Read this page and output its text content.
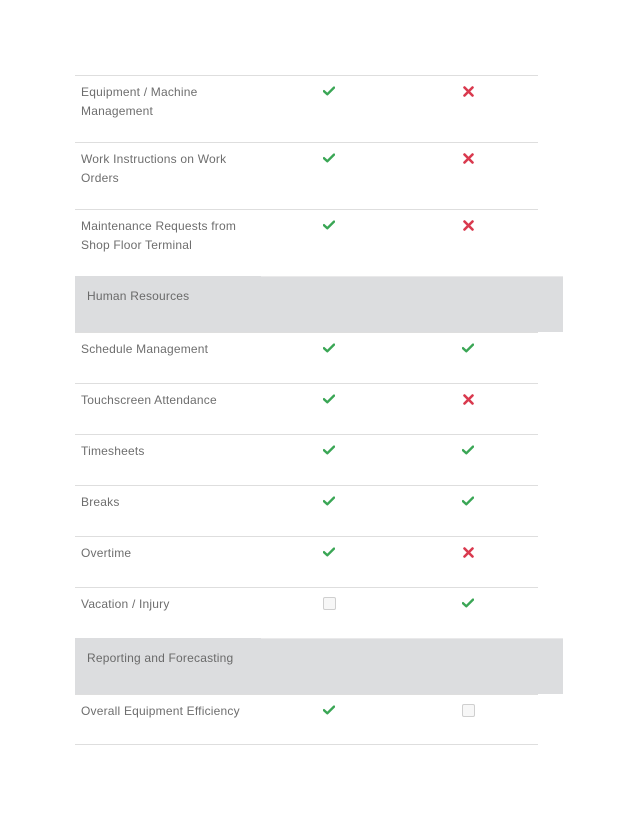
Equipment / Machine Management
Work Instructions on Work Orders
Maintenance Requests from Shop Floor Terminal
Human Resources
Schedule Management
Touchscreen Attendance
Timesheets
Breaks
Overtime
Vacation / Injury
Reporting and Forecasting
Overall Equipment Efficiency
